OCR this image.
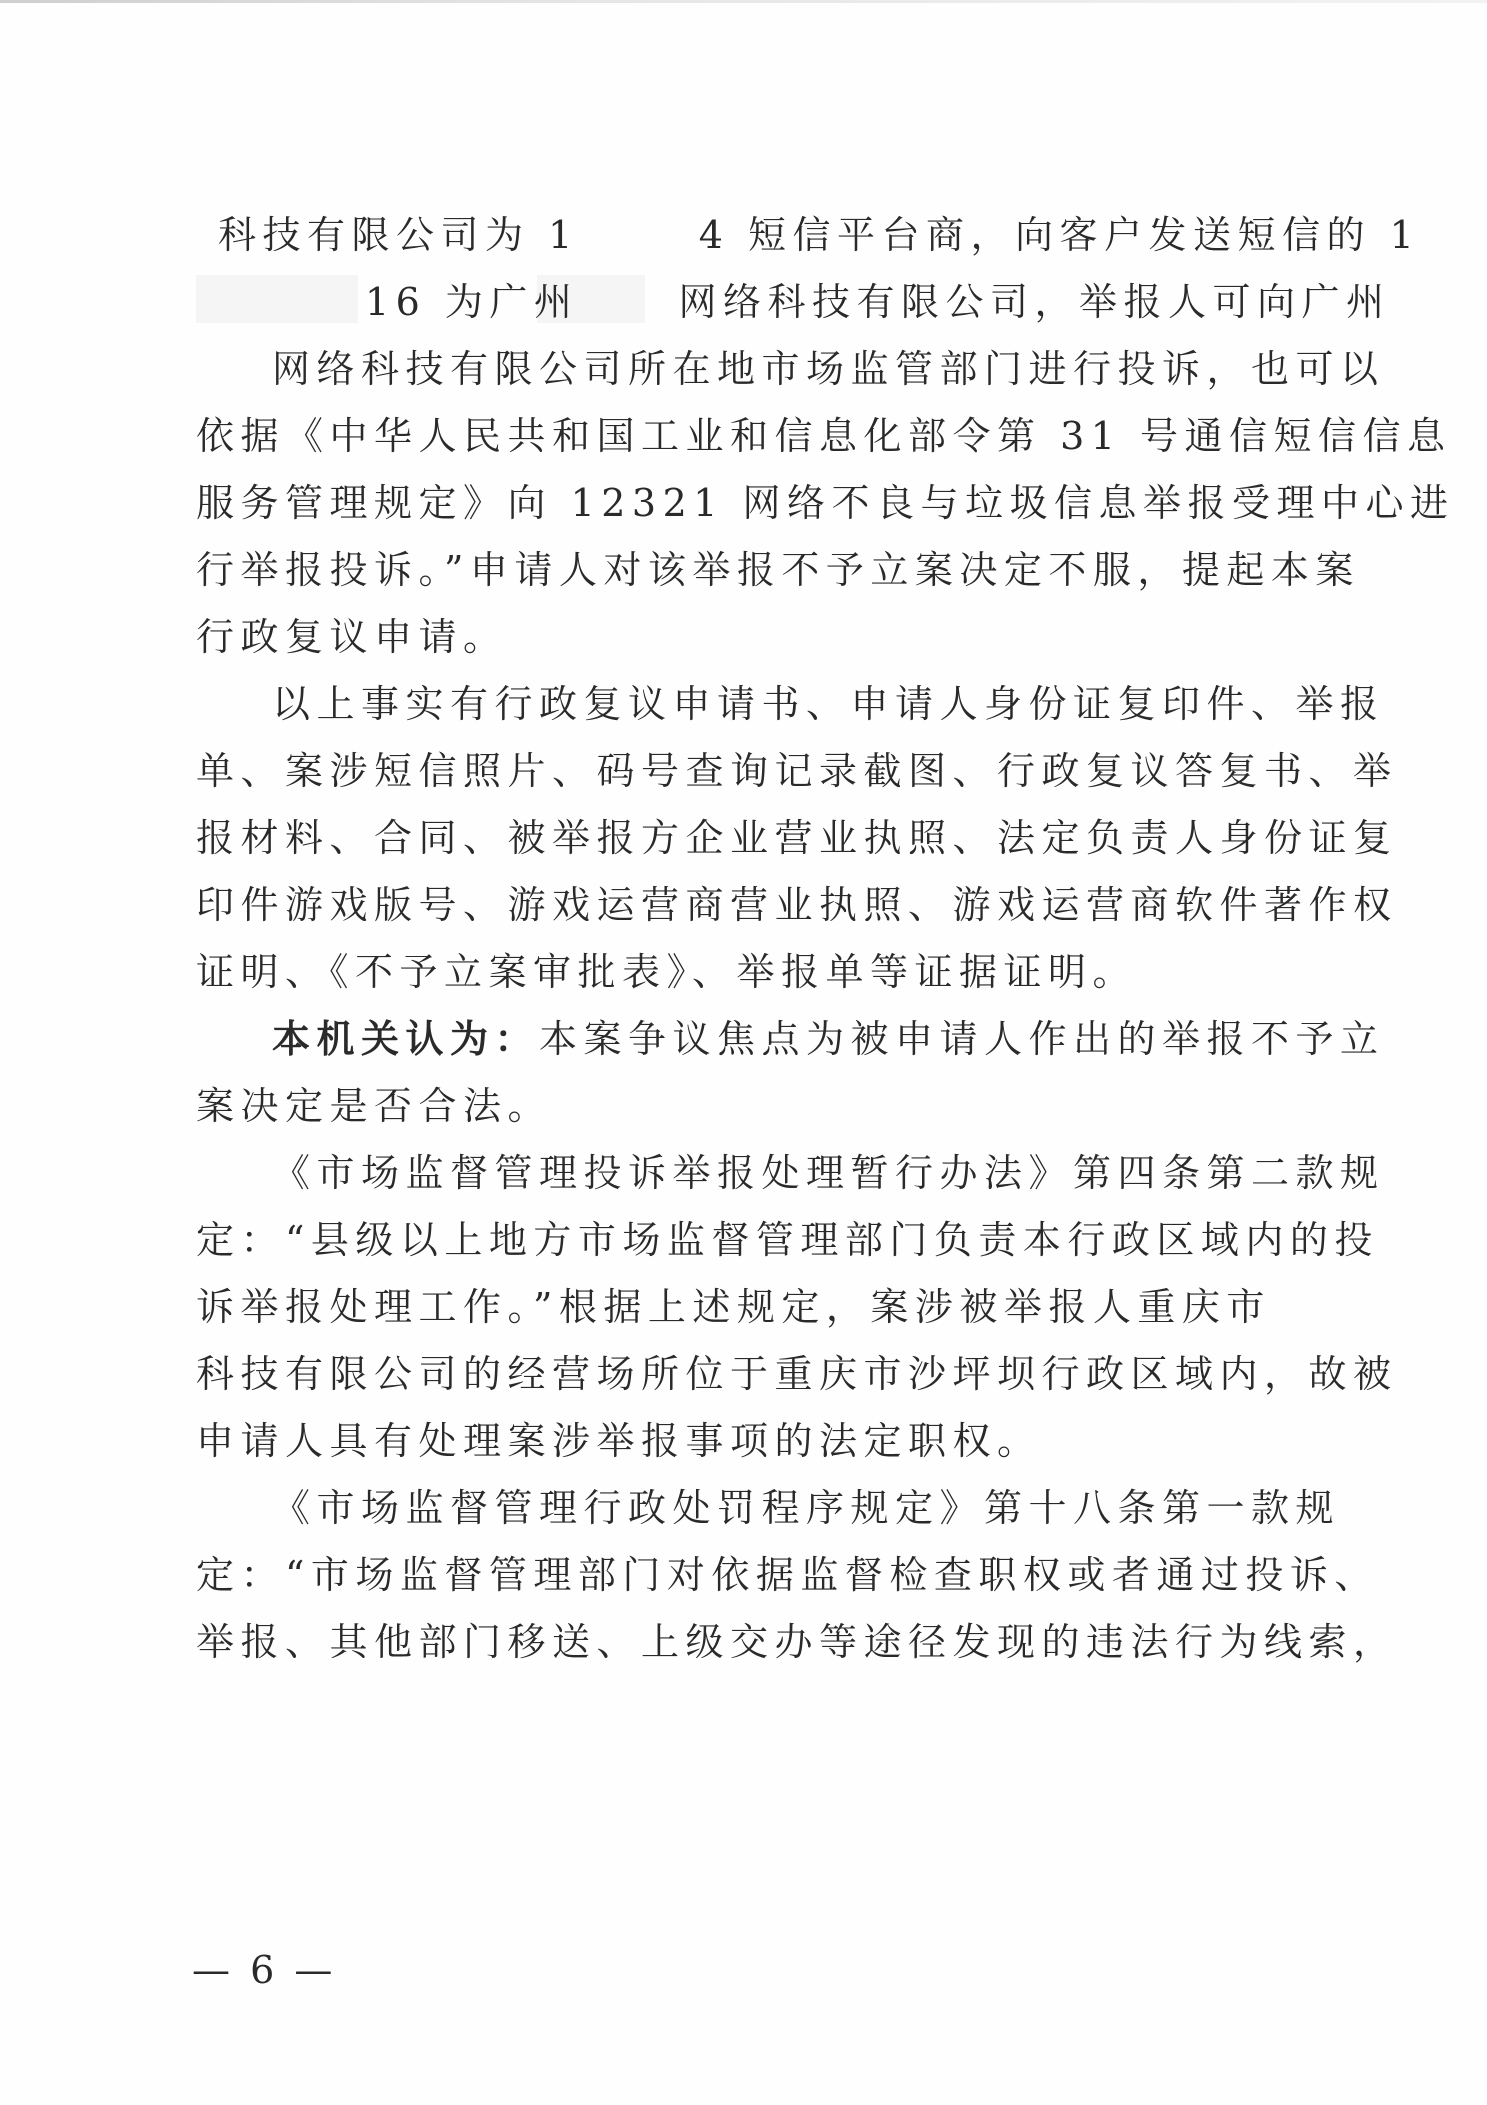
科技有限公司为 1	4 短信平台商，向客户发送短信的 1
16 为广州	网络科技有限公司，举报人可向广州
网络科技有限公司所在地市场监管部门进行投诉，也可以
依据《中华人民共和国工业和信息化部令第 31 号通信短信信息
服务管理规定》向 12321 网络不良与垃圾信息举报受理中心进
行举报投诉。”申请人对该举报不予立案决定不服，提起本案
行政复议申请。
以上事实有行政复议申请书、申请人身份证复印件、举报
单、案涉短信照片、码号查询记录截图、行政复议答复书、举
报材料、合同、被举报方企业营业执照、法定负责人身份证复
印件游戏版号、游戏运营商营业执照、游戏运营商软件著作权
证明、《不予立案审批表》、举报单等证据证明。
本机关认为：本案争议焦点为被申请人作出的举报不予立
案决定是否合法。
《市场监督管理投诉举报处理暂行办法》第四条第二款规
定：“县级以上地方市场监督管理部门负责本行政区域内的投
诉举报处理工作。”根据上述规定，案涉被举报人重庆市
科技有限公司的经营场所位于重庆市沙坪坝行政区域内，故被
申请人具有处理案涉举报事项的法定职权。
《市场监督管理行政处罚程序规定》第十八条第一款规
定：“市场监督管理部门对依据监督检查职权或者通过投诉、
举报、其他部门移送、上级交办等途径发现的违法行为线索，
— 6 —
